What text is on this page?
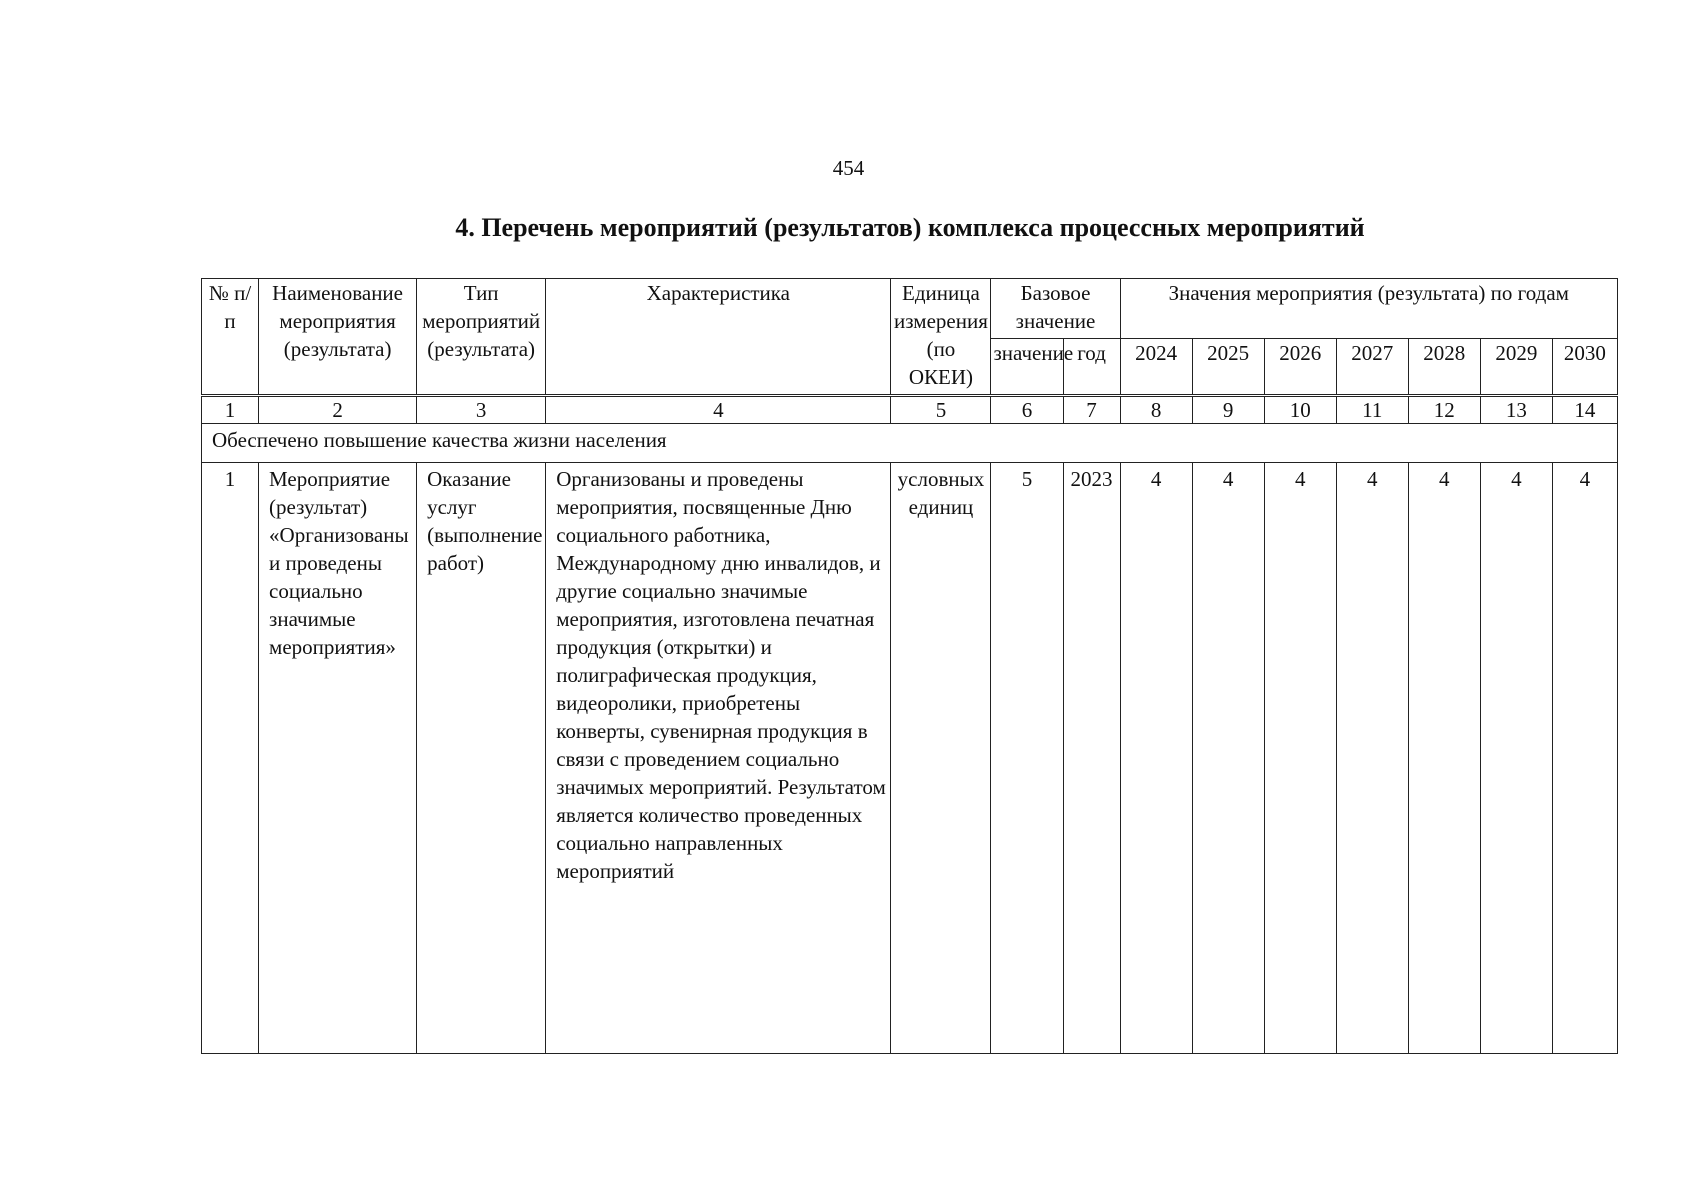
454
4. Перечень мероприятий (результатов) комплекса процессных мероприятий
№ п/п	Наименование мероприятия (результата)	Тип мероприятий (результата)	Характеристика	Единица измерения (по ОКЕИ)	Базовое значение		Значения мероприятия (результата) по годам						
					значение	год	2024	2025	2026	2027	2028	2029	2030

1	2	3	4	5	6	7	8	9	10	11	12	13	14
Обеспечено повышение качества жизни населения													
1	Мероприятие (результат) «Организованы и проведены социально значимые мероприятия»	Оказание услуг (выполнение работ)	Организованы и проведены мероприятия, посвященные Дню социального работника, Международному дню инвалидов, и другие социально значимые мероприятия, изготовлена печатная продукция (открытки) и полиграфическая продукция, видеоролики, приобретены конверты, сувенирная продукция в связи с проведением социально значимых мероприятий. Результатом является количество проведенных социально направленных мероприятий	условных единиц	5	2023	4	4	4	4	4	4	4
